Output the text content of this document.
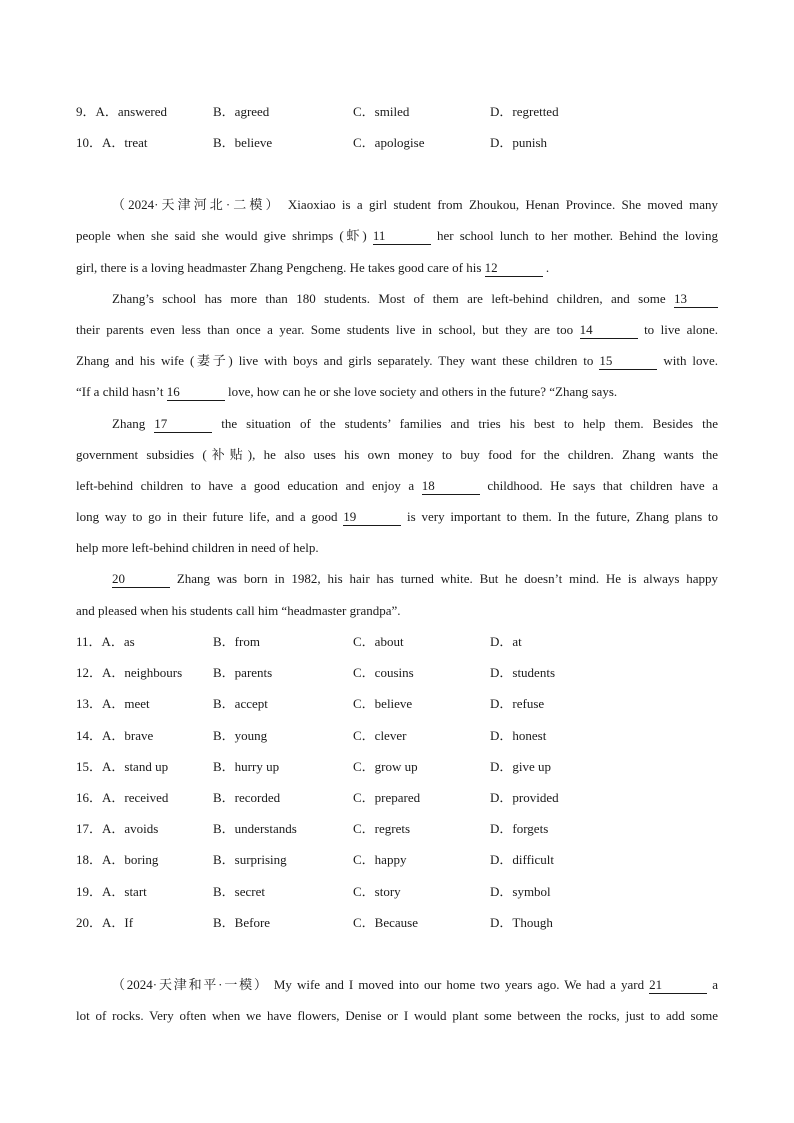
9．A．answered	B．agreed	C．smiled	D．regretted
10．A．treat	B．believe	C．apologise	D．punish
（2024·天津河北·二模） Xiaoxiao is a girl student from Zhoukou, Henan Province. She moved many
people when she said she would give shrimps (虾) 11	her school lunch to her mother. Behind the loving
girl, there is a loving headmaster Zhang Pengcheng. He takes good care of his 12	.
Zhang’s school has more than 180 students. Most of them are left-behind children, and some 13
their parents even less than once a year. Some students live in school, but they are too 14	to live alone.
Zhang and his wife (妻子) live with boys and girls separately. They want these children to 15	with love.
“If a child hasn’t 16	love, how can he or she love society and others in the future? “Zhang says.
Zhang 17	the situation of the students’ families and tries his best to help them. Besides the
government subsidies (补贴), he also uses his own money to buy food for the children. Zhang wants the
left-behind children to have a good education and enjoy a 18	childhood. He says that children have a
long way to go in their future life, and a good 19	is very important to them. In the future, Zhang plans to
help more left-behind children in need of help.
20	Zhang was born in 1982, his hair has turned white. But he doesn’t mind. He is always happy
and pleased when his students call him “headmaster grandpa”.
11．A．as	B．from	C．about	D．at
12．A．neighbours B．parents	C．cousins	D．students
13．A．meet	B．accept	C．believe	D．refuse
14．A．brave	B．young	C．clever	D．honest
15．A．stand up	B．hurry up	C．grow up	D．give up
16．A．received	B．recorded	C．prepared	D．provided
17．A．avoids	B．understands	C．regrets	D．forgets
18．A．boring	B．surprising	C．happy	D．difficult
19．A．start	B．secret	C．story	D．symbol
20．A．If	B．Before	C．Because	D．Though
（2024·天津和平·一模） My wife and I moved into our home two years ago. We had a yard 21	a
lot of rocks. Very often when we have flowers, Denise or I would plant some between the rocks, just to add some
